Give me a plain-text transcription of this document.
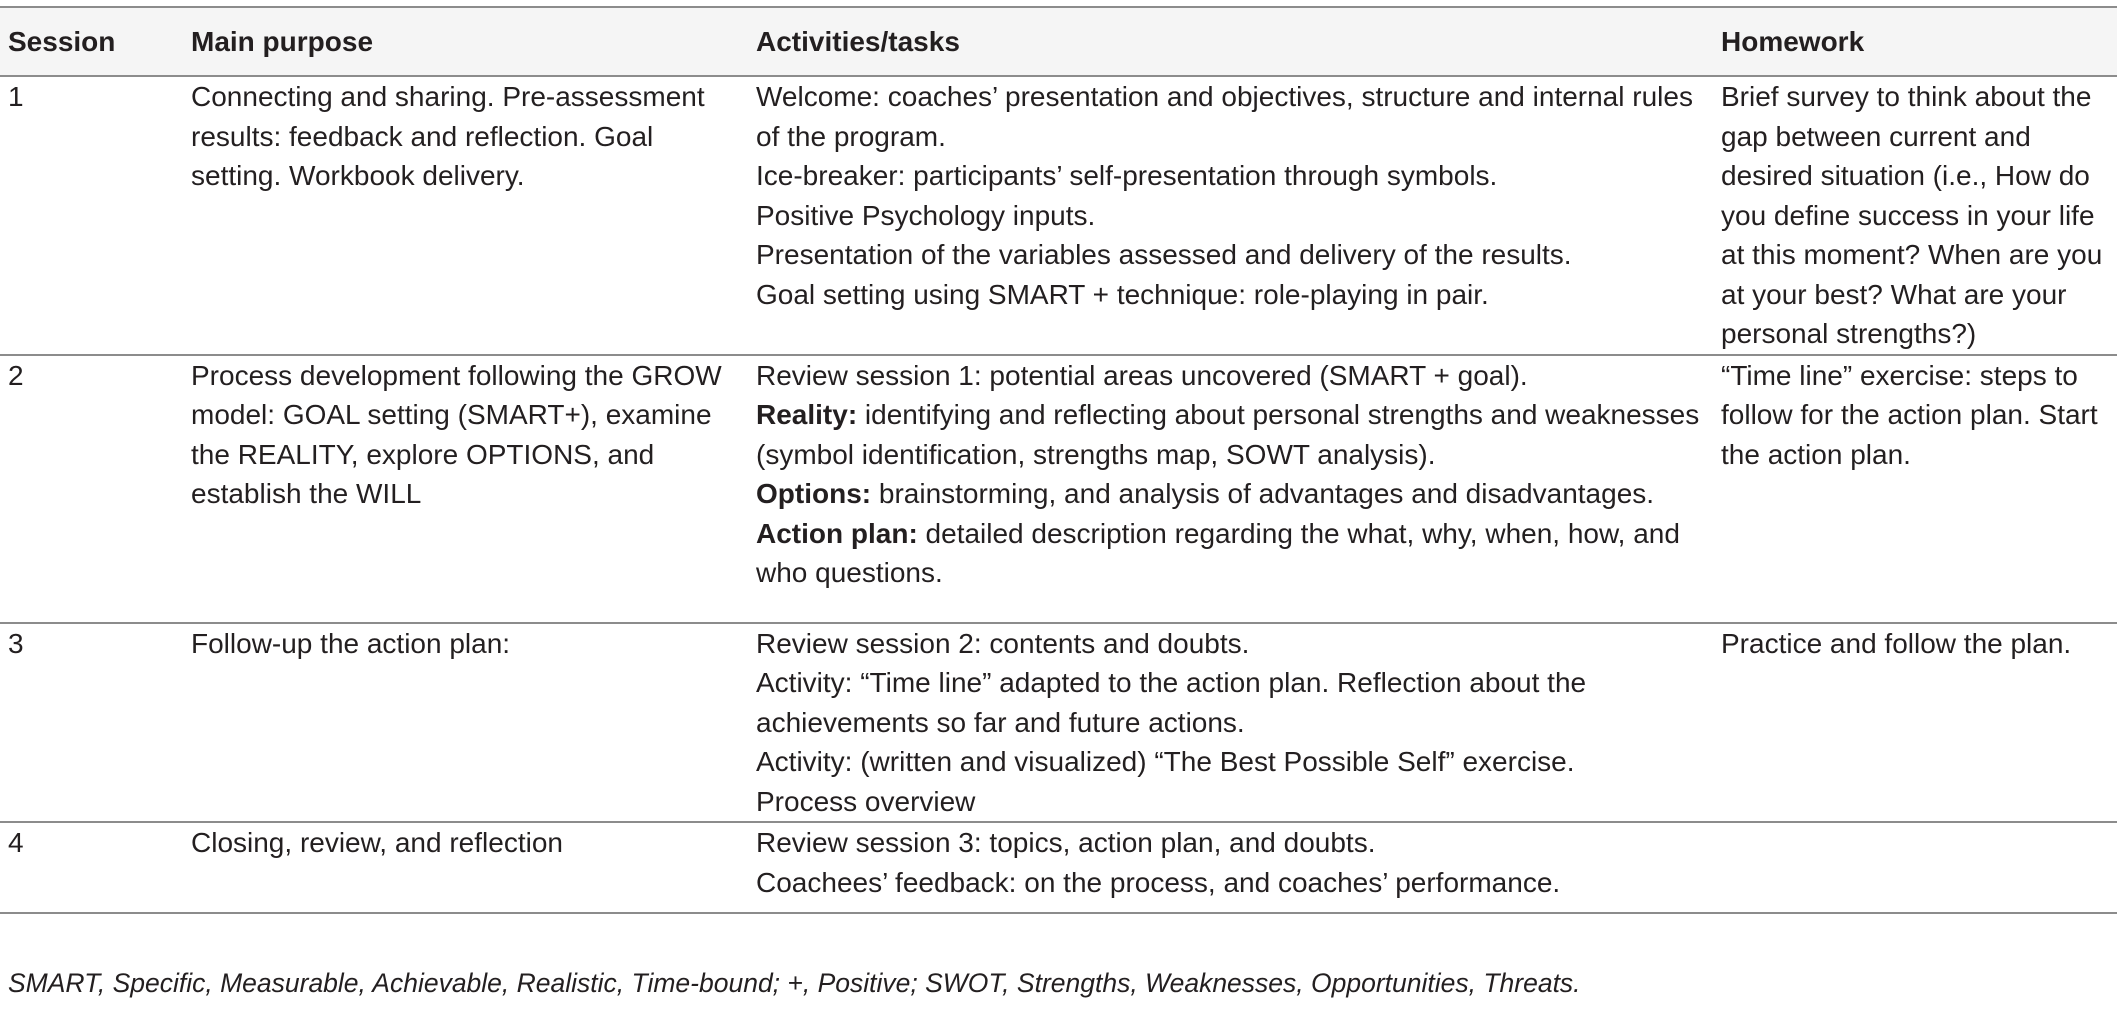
Session	Main purpose	Activities/tasks	Homework
1	Connecting and sharing. Pre-assessment results: feedback and reflection. Goal setting. Workbook delivery.	Welcome: coaches’ presentation and objectives, structure and internal rules of the program.
Ice-breaker: participants’ self-presentation through symbols.
Positive Psychology inputs.
Presentation of the variables assessed and delivery of the results.
Goal setting using SMART + technique: role-playing in pair.	Brief survey to think about the gap between current and desired situation (i.e., How do you define success in your life at this moment? When are you at your best? What are your personal strengths?)

2	Process development following the GROW model: GOAL setting (SMART+), examine the REALITY, explore OPTIONS, and establish the WILL	Review session 1: potential areas uncovered (SMART + goal).
Reality: identifying and reflecting about personal strengths and weaknesses (symbol identification, strengths map, SOWT analysis).
Options: brainstorming, and analysis of advantages and disadvantages.
Action plan: detailed description regarding the what, why, when, how, and who questions.	“Time line” exercise: steps to follow for the action plan. Start the action plan.

3	Follow-up the action plan:	Review session 2: contents and doubts.
Activity: “Time line” adapted to the action plan. Reflection about the achievements so far and future actions.
Activity: (written and visualized) “The Best Possible Self” exercise.
Process overview	Practice and follow the plan.

4	Closing, review, and reflection	Review session 3: topics, action plan, and doubts.
Coachees’ feedback: on the process, and coaches’ performance.	

SMART, Specific, Measurable, Achievable, Realistic, Time-bound; +, Positive; SWOT, Strengths, Weaknesses, Opportunities, Threats.
